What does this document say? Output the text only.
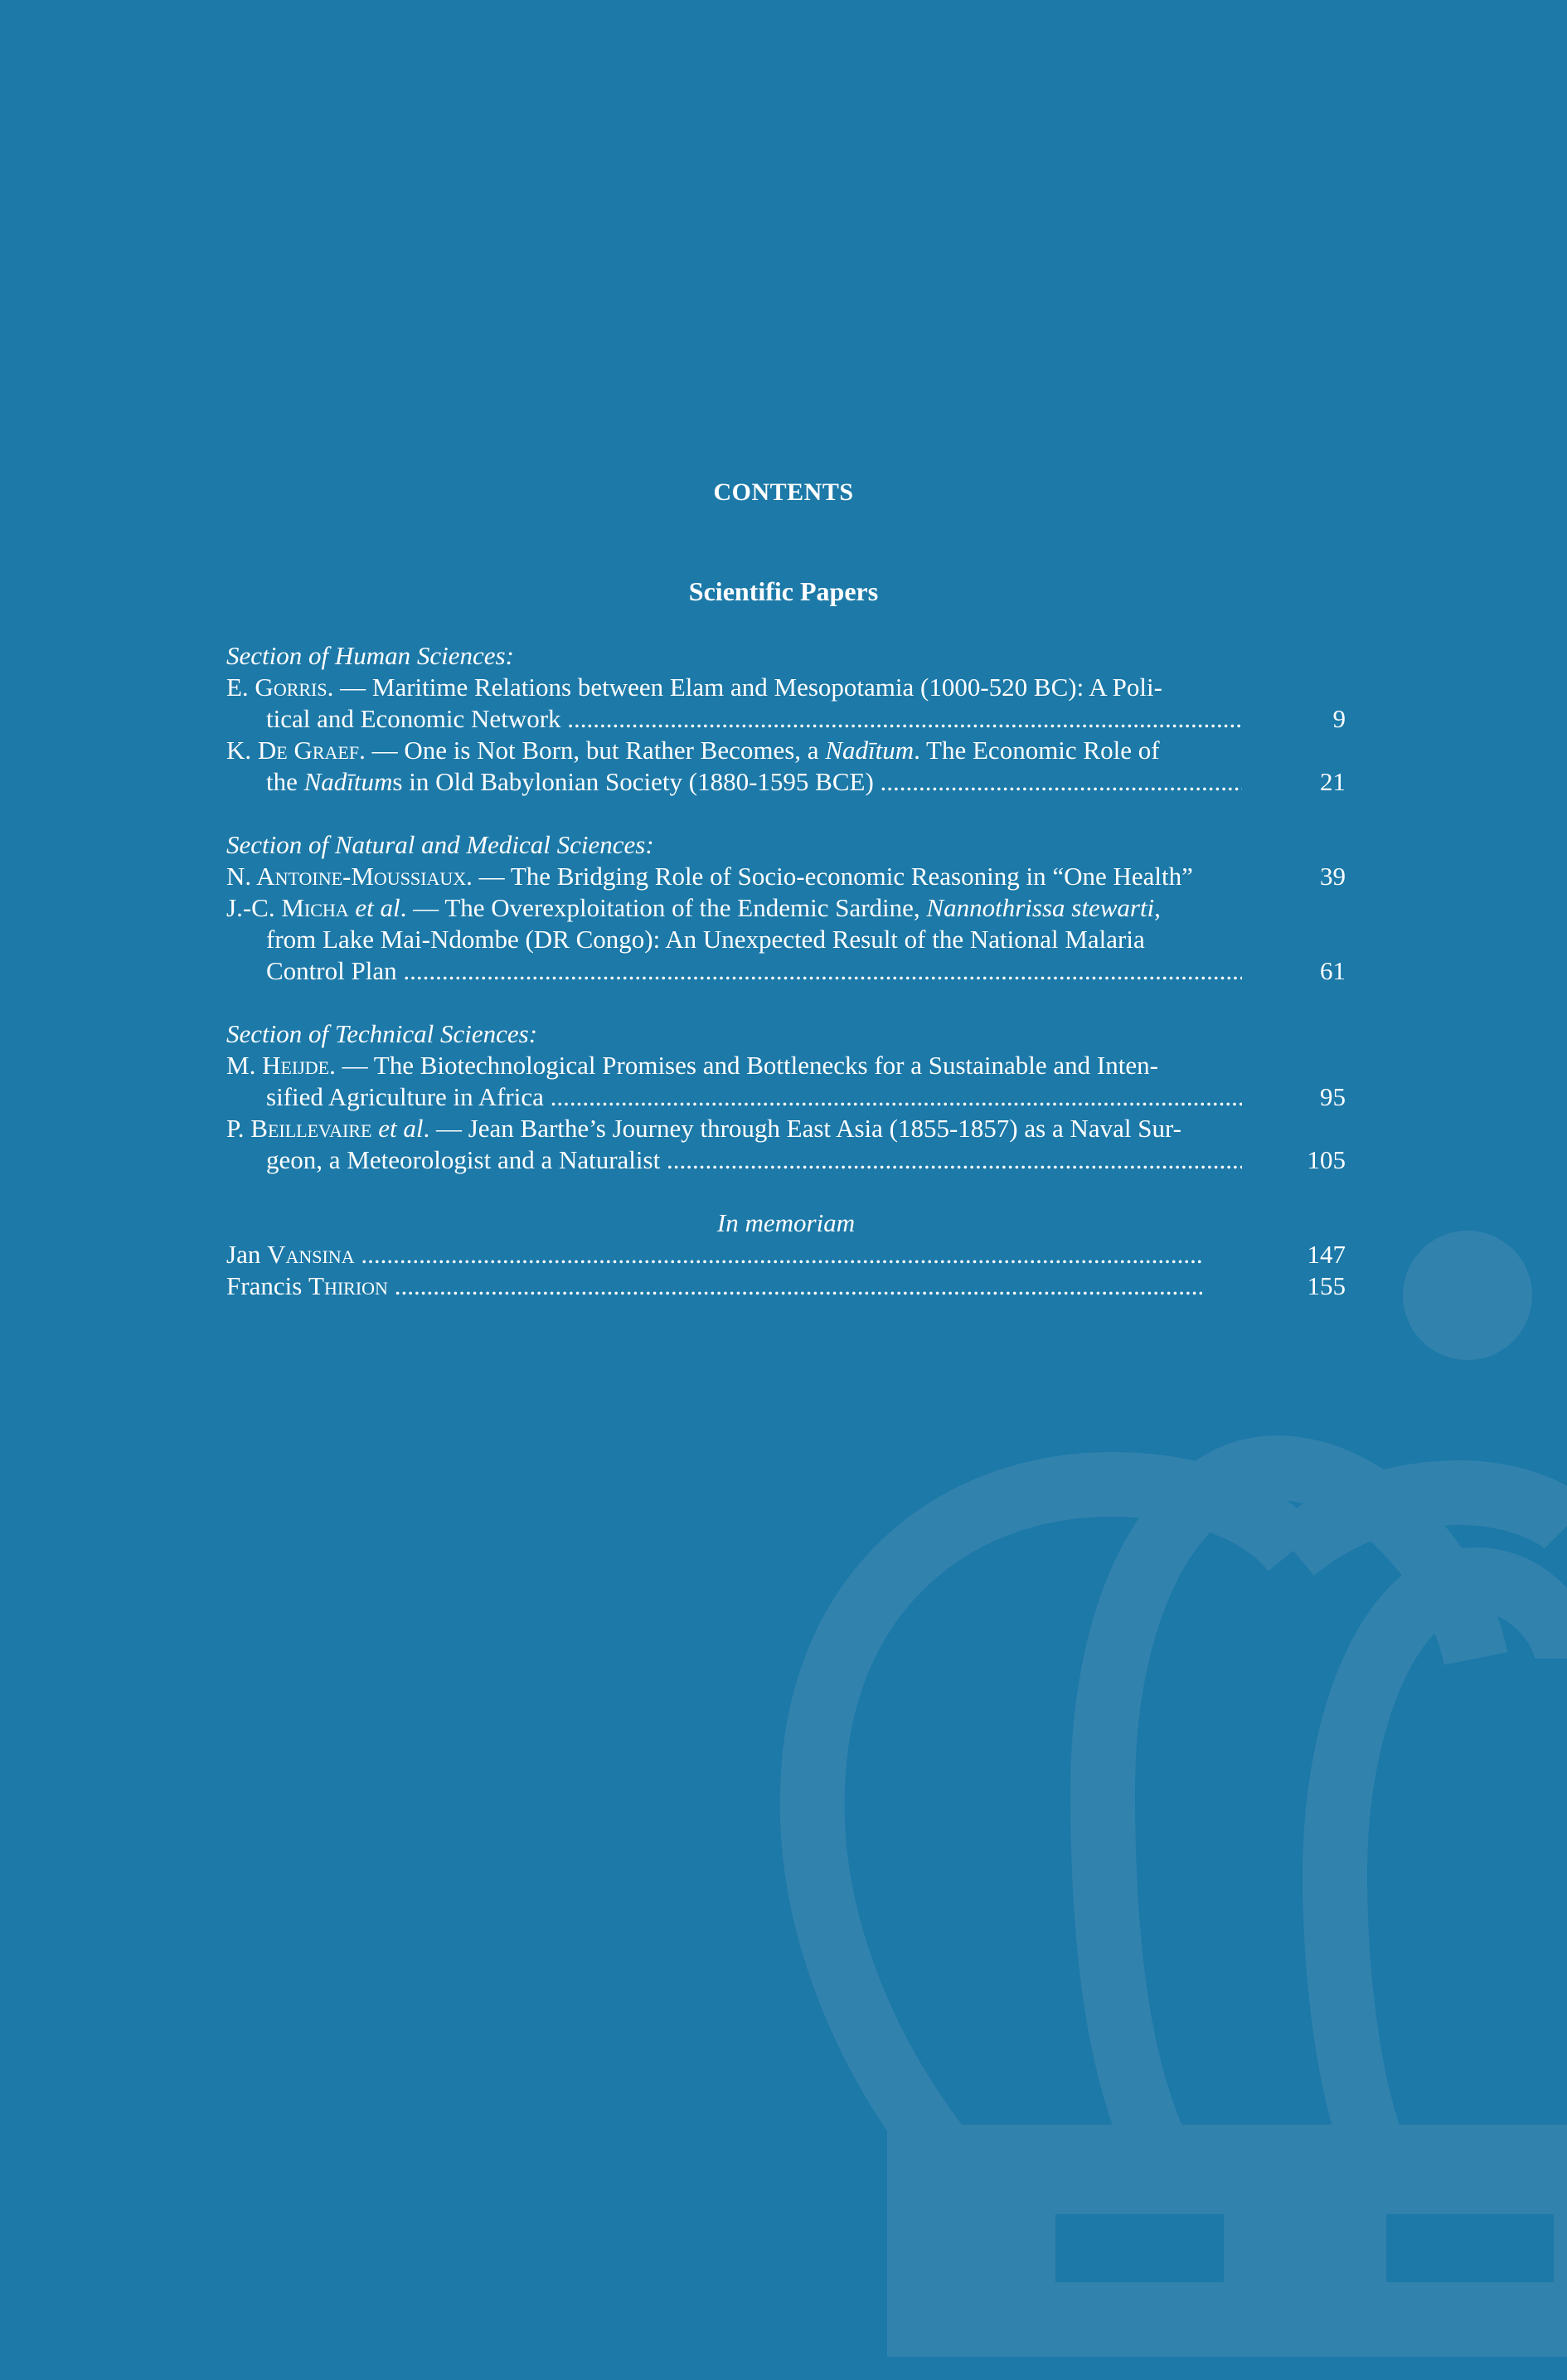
CONTENTS
Scientific Papers
Section of Human Sciences:
E. Gorris. — Maritime Relations between Elam and Mesopotamia (1000-520 BC): A Poli-
tical and Economic Network .....	9
K. De Graef. — One is Not Born, but Rather Becomes, a Nadītum. The Economic Role of
the Nadītums in Old Babylonian Society (1880-1595 BCE) .....	21
Section of Natural and Medical Sciences:
N. Antoine-Moussiaux. — The Bridging Role of Socio-economic Reasoning in “One Health”	39
J.-C. Micha et al. — The Overexploitation of the Endemic Sardine, Nannothrissa stewarti,
from Lake Mai-Ndombe (DR Congo): An Unexpected Result of the National Malaria
Control Plan .....	61
Section of Technical Sciences:
M. Heijde. — The Biotechnological Promises and Bottlenecks for a Sustainable and Inten-
sified Agriculture in Africa .....	95
P. Beillevaire et al. — Jean Barthe’s Journey through East Asia (1855-1857) as a Naval Sur-
geon, a Meteorologist and a Naturalist .....	105
In memoriam
Jan Vansina .....	147
Francis Thirion .....	155
